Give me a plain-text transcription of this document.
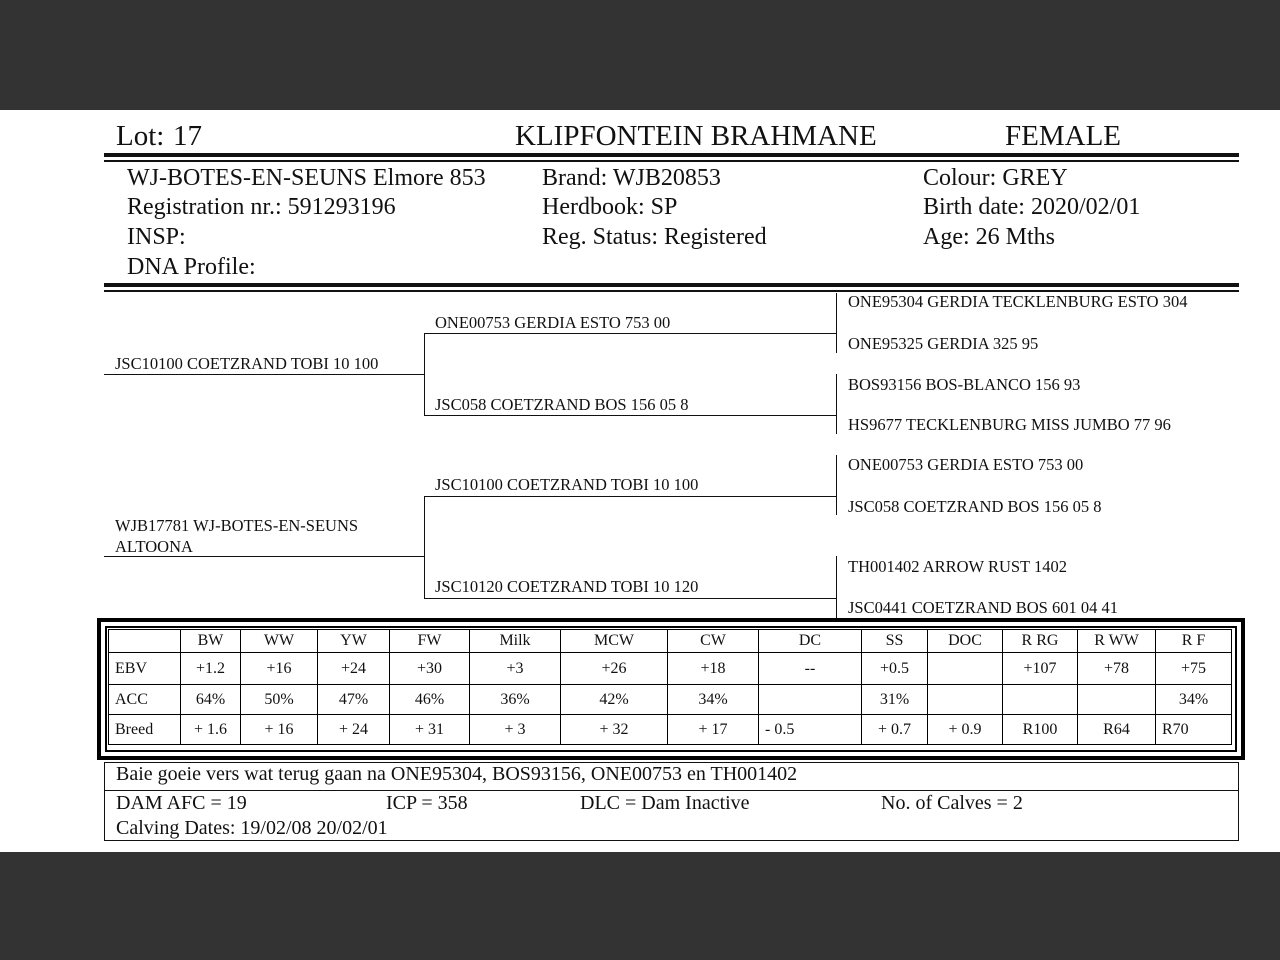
Lot: 17	KLIPFONTEIN BRAHMANE	FEMALE
WJ-BOTES-EN-SEUNS Elmore 853
Registration nr.: 591293196
INSP:
DNA Profile:
Brand: WJB20853
Herdbook: SP
Reg. Status: Registered
Colour: GREY
Birth date: 2020/02/01
Age: 26 Mths
JSC10100 COETZRAND TOBI 10 100
WJB17781 WJ-BOTES-EN-SEUNS
ALTOONA
ONE00753 GERDIA ESTO 753 00
JSC058 COETZRAND BOS 156 05 8
JSC10100 COETZRAND TOBI 10 100
JSC10120 COETZRAND TOBI 10 120
ONE95304 GERDIA TECKLENBURG ESTO 304
ONE95325 GERDIA 325 95
BOS93156 BOS-BLANCO 156 93
HS9677 TECKLENBURG MISS JUMBO 77 96
ONE00753 GERDIA ESTO 753 00
JSC058 COETZRAND BOS 156 05 8
TH001402 ARROW RUST 1402
JSC0441 COETZRAND BOS 601 04 41
	BW	WW	YW	FW	Milk	MCW	CW	DC	SS	DOC	R RG	R WW	R F
EBV	+1.2	+16	+24	+30	+3	+26	+18	--	+0.5		+107	+78	+75
ACC	64%	50%	47%	46%	36%	42%	34%		31%				34%
Breed	+ 1.6	+ 16	+ 24	+ 31	+ 3	+ 32	+ 17	- 0.5	+ 0.7	+ 0.9	R100	R64	R70
Baie goeie vers wat terug gaan na ONE95304, BOS93156, ONE00753 en TH001402
DAM AFC = 19	ICP = 358	DLC = Dam Inactive	No. of Calves = 2
Calving Dates: 19/02/08 20/02/01
